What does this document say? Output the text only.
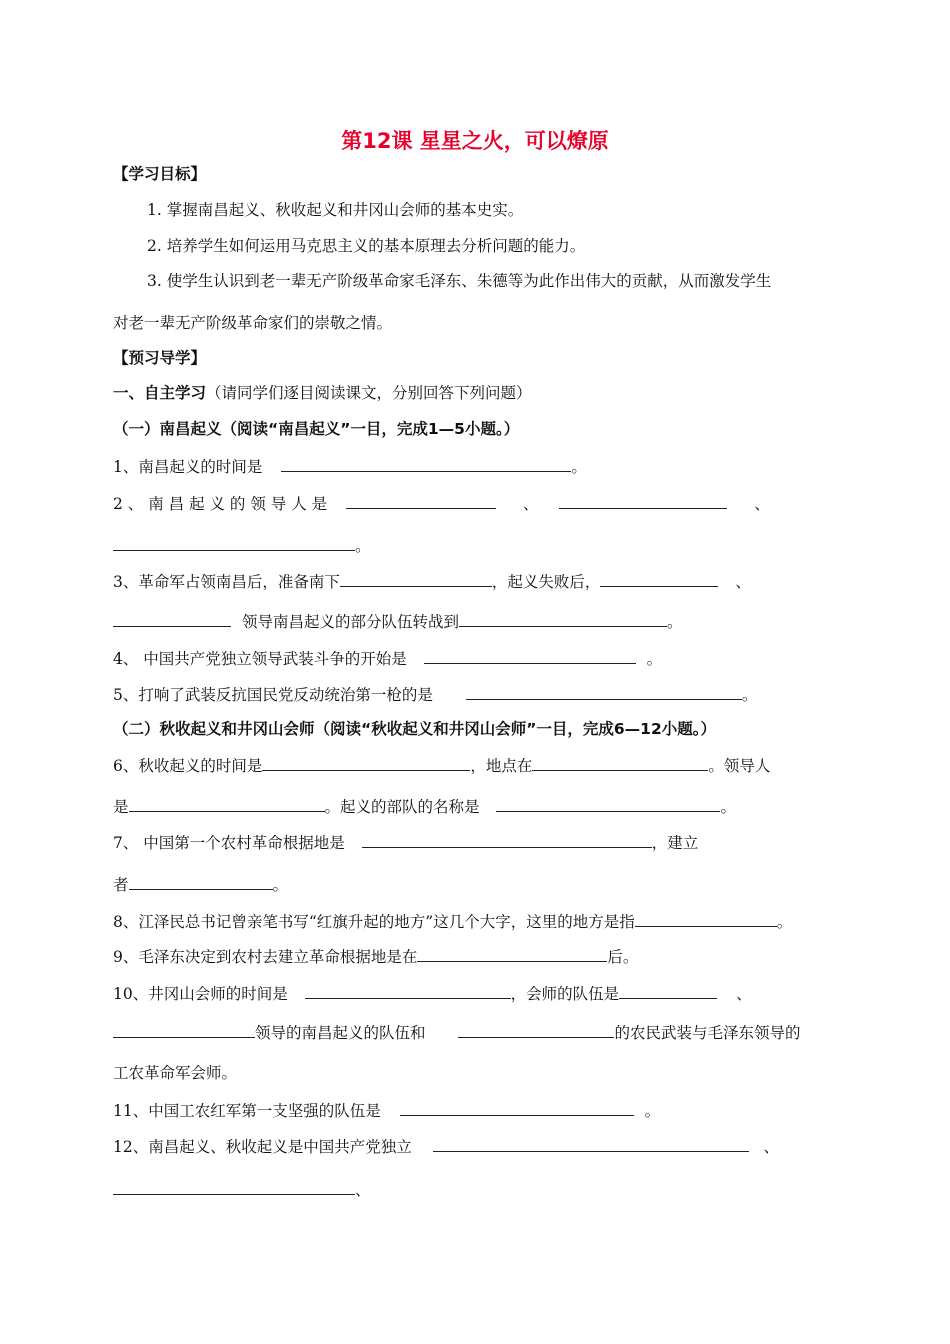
第12课 星星之火，可以燎原
【学习目标】
1. 掌握南昌起义、秋收起义和井冈山会师的基本史实。
2. 培养学生如何运用马克思主义的基本原理去分析问题的能力。
3. 使学生认识到老一辈无产阶级革命家毛泽东、朱德等为此作出伟大的贡献，从而激发学生
对老一辈无产阶级革命家们的崇敬之情。
【预习导学】
一、自主学习（请同学们逐目阅读课文，分别回答下列问题）
（一）南昌起义（阅读“南昌起义”一目，完成1—5小题。）
1、南昌起义的时间是	。
2 、 南 昌 起 义 的 领 导 人 是	、	、
。
3、革命军占领南昌后，准备南下	，起义失败后，	、
领导南昌起义的部分队伍转战到	。
4、 中国共产党独立领导武装斗争的开始是	。
5、打响了武装反抗国民党反动统治第一枪的是	。
（二）秋收起义和井冈山会师（阅读“秋收起义和井冈山会师”一目，完成6—12小题。）
6、秋收起义的时间是	，地点在	。领导人
是	。起义的部队的名称是	。
7、 中国第一个农村革命根据地是	，建立
者	。
8、江泽民总书记曾亲笔书写“红旗升起的地方”这几个大字，这里的地方是指	。
9、毛泽东决定到农村去建立革命根据地是在	后。
10、井冈山会师的时间是	，会师的队伍是	、
领导的南昌起义的队伍和	的农民武装与毛泽东领导的
工农革命军会师。
11、中国工农红军第一支坚强的队伍是	。
12、南昌起义、秋收起义是中国共产党独立	、
、
